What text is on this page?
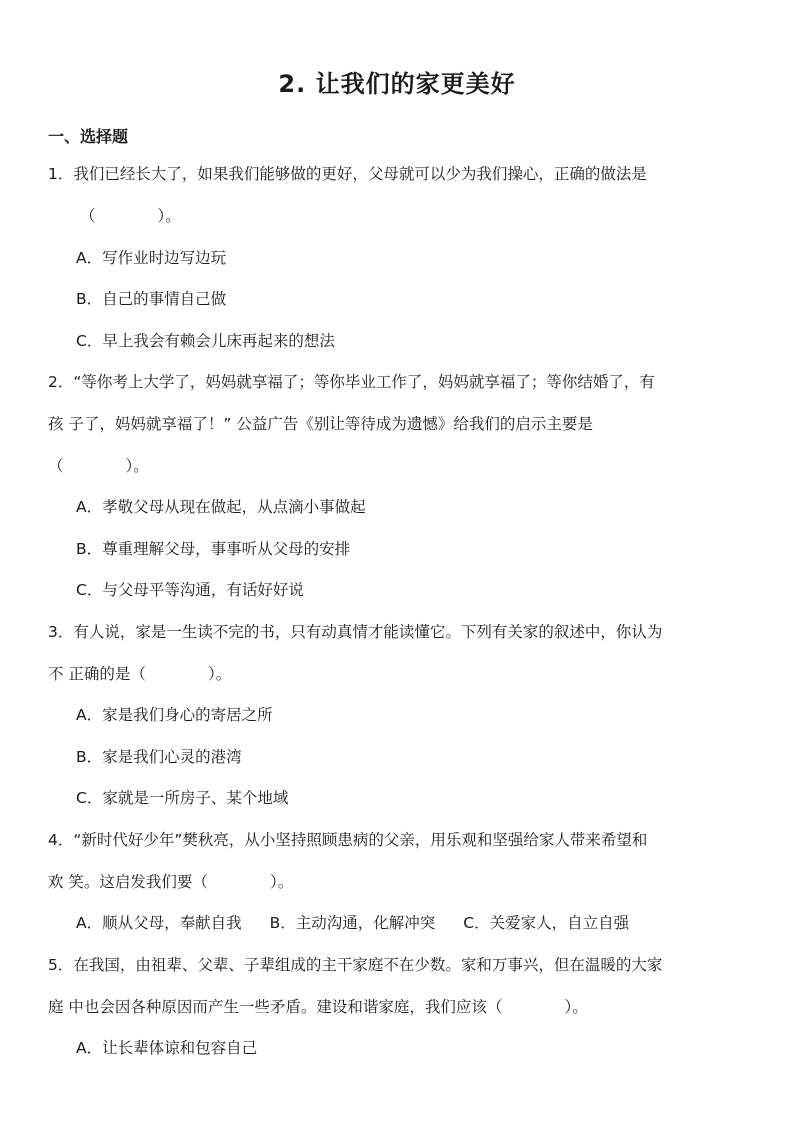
2. 让我们的家更美好
一、选择题
1．我们已经长大了，如果我们能够做的更好，父母就可以少为我们操心，正确的做法是
（	）。
A．写作业时边写边玩
B．自己的事情自己做
C．早上我会有赖会儿床再起来的想法
2．“等你考上大学了，妈妈就享福了；等你毕业工作了，妈妈就享福了；等你结婚了，有
孩 子了，妈妈就享福了！” 公益广告《别让等待成为遗憾》给我们的启示主要是
（	）。
A．孝敬父母从现在做起，从点滴小事做起
B．尊重理解父母，事事听从父母的安排
C．与父母平等沟通，有话好好说
3．有人说，家是一生读不完的书，只有动真情才能读懂它。下列有关家的叙述中，你认为
不 正确的是（	）。
A．家是我们身心的寄居之所
B．家是我们心灵的港湾
C．家就是一所房子、某个地域
4．“新时代好少年”樊秋亮，从小坚持照顾患病的父亲，用乐观和坚强给家人带来希望和
欢 笑。这启发我们要（	）。
A．顺从父母，奉献自我 B．主动沟通，化解冲突 C．关爱家人，自立自强
5．在我国，由祖辈、父辈、子辈组成的主干家庭不在少数。家和万事兴，但在温暖的大家
庭 中也会因各种原因而产生一些矛盾。建设和谐家庭，我们应该（	）。
A．让长辈体谅和包容自己
